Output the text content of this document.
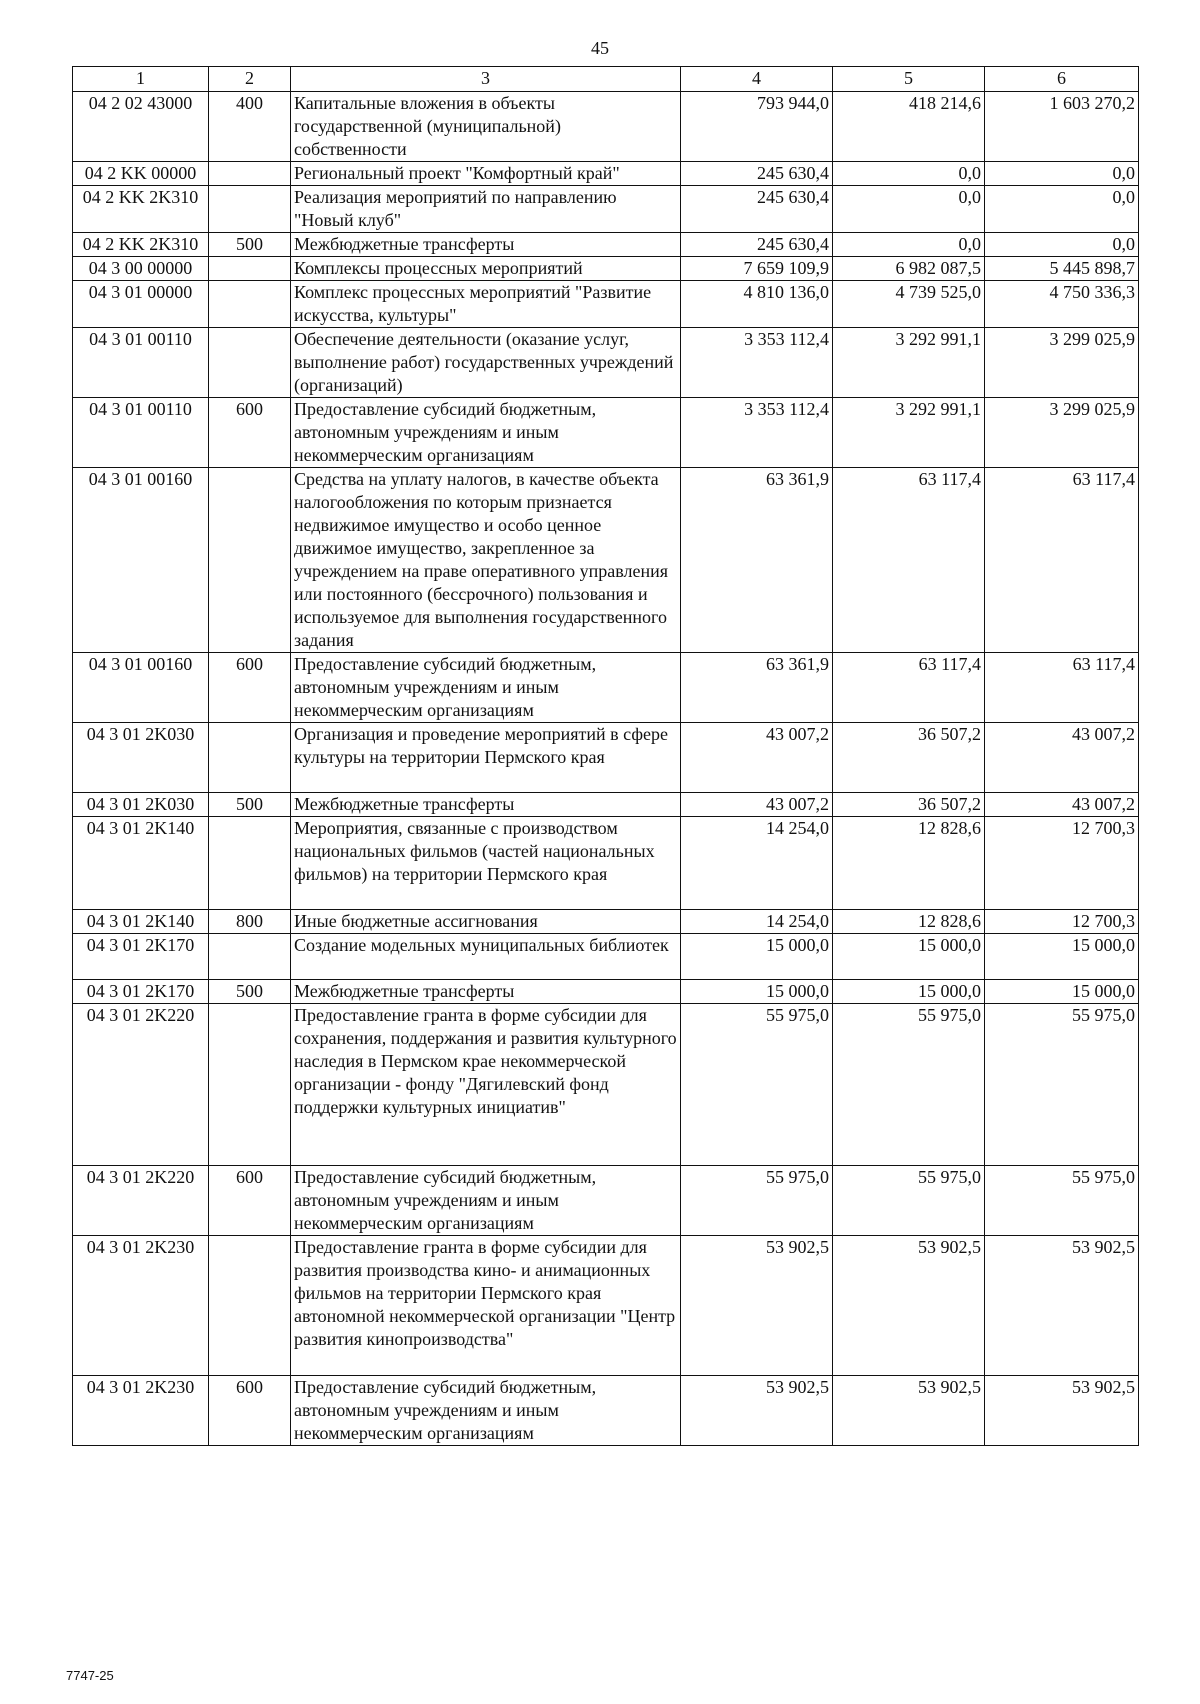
45
1	2	3	4	5	6
04 2 02 43000	400	Капитальные вложения в объекты государственной (муниципальной) собственности	793 944,0	418 214,6	1 603 270,2
04 2 KK 00000		Региональный проект "Комфортный край"	245 630,4	0,0	0,0
04 2 KK 2K310		Реализация мероприятий по направлению "Новый клуб"	245 630,4	0,0	0,0
04 2 KK 2K310	500	Межбюджетные трансферты	245 630,4	0,0	0,0
04 3 00 00000		Комплексы процессных мероприятий	7 659 109,9	6 982 087,5	5 445 898,7
04 3 01 00000		Комплекс процессных мероприятий "Развитие искусства, культуры"	4 810 136,0	4 739 525,0	4 750 336,3
04 3 01 00110		Обеспечение деятельности (оказание услуг, выполнение работ) государственных учреждений (организаций)	3 353 112,4	3 292 991,1	3 299 025,9
04 3 01 00110	600	Предоставление субсидий бюджетным, автономным учреждениям и иным некоммерческим организациям	3 353 112,4	3 292 991,1	3 299 025,9
04 3 01 00160		Средства на уплату налогов, в качестве объекта налогообложения по которым признается недвижимое имущество и особо ценное движимое имущество, закрепленное за учреждением на праве оперативного управления или постоянного (бессрочного) пользования и используемое для выполнения государственного задания	63 361,9	63 117,4	63 117,4
04 3 01 00160	600	Предоставление субсидий бюджетным, автономным учреждениям и иным некоммерческим организациям	63 361,9	63 117,4	63 117,4
04 3 01 2K030		Организация и проведение мероприятий в сфере культуры на территории Пермского края	43 007,2	36 507,2	43 007,2
04 3 01 2K030	500	Межбюджетные трансферты	43 007,2	36 507,2	43 007,2
04 3 01 2K140		Мероприятия, связанные с производством национальных фильмов (частей национальных фильмов) на территории Пермского края	14 254,0	12 828,6	12 700,3
04 3 01 2K140	800	Иные бюджетные ассигнования	14 254,0	12 828,6	12 700,3
04 3 01 2K170		Создание модельных муниципальных библиотек	15 000,0	15 000,0	15 000,0
04 3 01 2K170	500	Межбюджетные трансферты	15 000,0	15 000,0	15 000,0
04 3 01 2K220		Предоставление гранта в форме субсидии для сохранения, поддержания и развития культурного наследия в Пермском крае некоммерческой организации - фонду "Дягилевский фонд поддержки культурных инициатив"	55 975,0	55 975,0	55 975,0
04 3 01 2K220	600	Предоставление субсидий бюджетным, автономным учреждениям и иным некоммерческим организациям	55 975,0	55 975,0	55 975,0
04 3 01 2K230		Предоставление гранта в форме субсидии для развития производства кино- и анимационных фильмов на территории Пермского края автономной некоммерческой организации "Центр развития кинопроизводства"	53 902,5	53 902,5	53 902,5
04 3 01 2K230	600	Предоставление субсидий бюджетным, автономным учреждениям и иным некоммерческим организациям	53 902,5	53 902,5	53 902,5
7747-25
